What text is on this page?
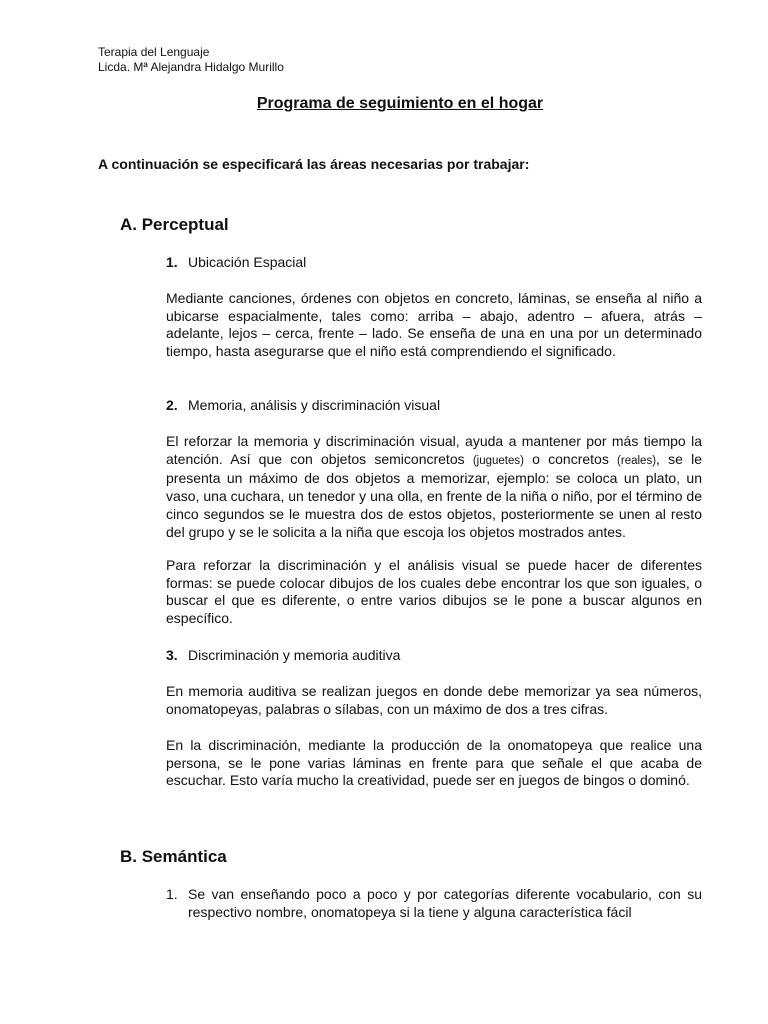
Terapia del Lenguaje
Licda. Mª Alejandra Hidalgo Murillo
Programa de seguimiento en el hogar
A continuación se especificará las áreas necesarias por trabajar:
A. Perceptual
1. Ubicación Espacial
Mediante canciones, órdenes con objetos en concreto, láminas, se enseña al niño a ubicarse espacialmente, tales como: arriba – abajo, adentro – afuera, atrás – adelante, lejos – cerca, frente – lado. Se enseña de una en una por un determinado tiempo, hasta asegurarse que el niño está comprendiendo el significado.
2. Memoria, análisis y discriminación visual
El reforzar la memoria y discriminación visual, ayuda a mantener por más tiempo la atención. Así que con objetos semiconcretos (juguetes) o concretos (reales), se le presenta un máximo de dos objetos a memorizar, ejemplo: se coloca un plato, un vaso, una cuchara, un tenedor y una olla, en frente de la niña o niño, por el término de cinco segundos se le muestra dos de estos objetos, posteriormente se unen al resto del grupo y se le solicita a la niña que escoja los objetos mostrados antes.
Para reforzar la discriminación y el análisis visual se puede hacer de diferentes formas: se puede colocar dibujos de los cuales debe encontrar los que son iguales, o buscar el que es diferente, o entre varios dibujos se le pone a buscar algunos en específico.
3. Discriminación y memoria auditiva
En memoria auditiva se realizan juegos en donde debe memorizar ya sea números, onomatopeyas, palabras o sílabas, con un máximo de dos a tres cifras.
En la discriminación, mediante la producción de la onomatopeya que realice una persona, se le pone varias láminas en frente para que señale el que acaba de escuchar. Esto varía mucho la creatividad, puede ser en juegos de bingos o dominó.
B. Semántica
1. Se van enseñando poco a poco y por categorías diferente vocabulario, con su respectivo nombre, onomatopeya si la tiene y alguna característica fácil
